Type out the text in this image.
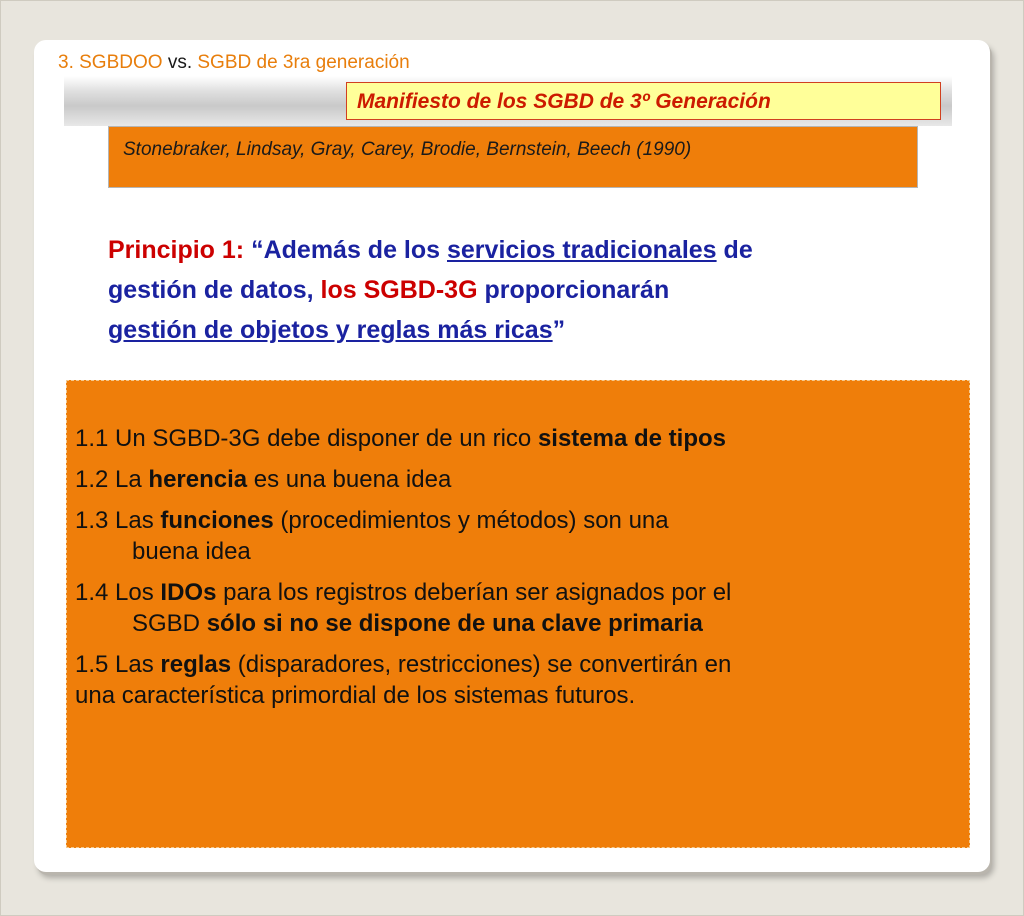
3. SGBDOO vs. SGBD de 3ra generación
Manifiesto de los SGBD de 3º Generación
Stonebraker, Lindsay, Gray, Carey, Brodie, Bernstein, Beech (1990)
Principio 1: “Además de los servicios tradicionales de
gestión de datos, los SGBD-3G proporcionarán
gestión de objetos y reglas más ricas”
1.1 Un SGBD-3G debe disponer de un rico sistema de tipos
1.2 La herencia es una buena idea
1.3 Las funciones (procedimientos y métodos) son una
buena idea
1.4 Los IDOs para los registros deberían ser asignados por el
SGBD sólo si no se dispone de una clave primaria
1.5 Las reglas (disparadores, restricciones) se convertirán en
una característica primordial de los sistemas futuros.
